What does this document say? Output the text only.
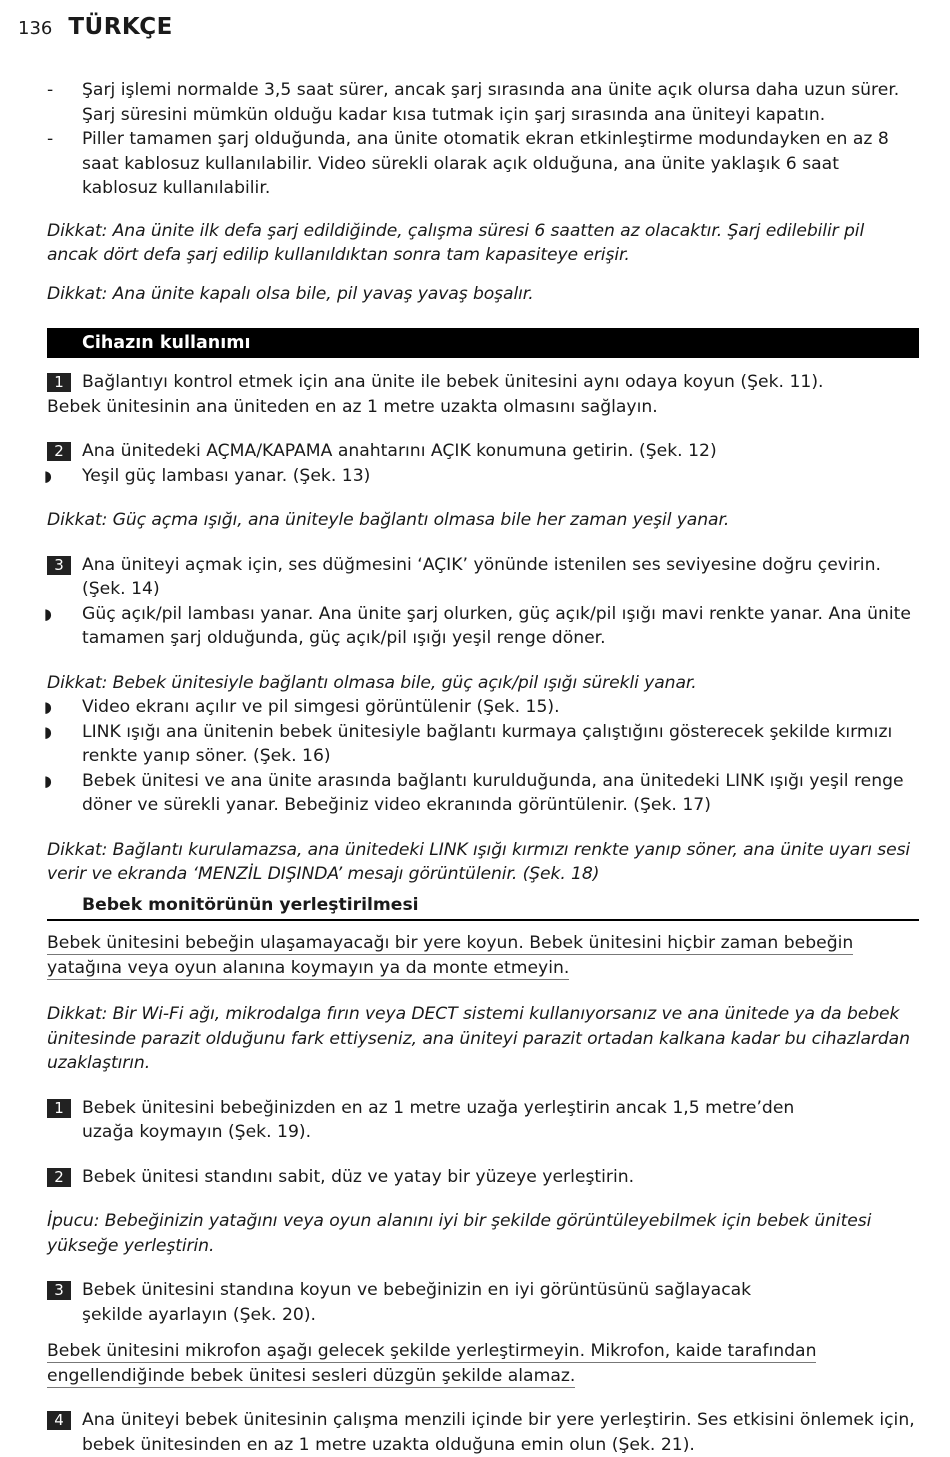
136 TÜRKÇE

- Şarj işlemi normalde 3,5 saat sürer, ancak şarj sırasında ana ünite açık olursa daha uzun sürer. Şarj süresini mümkün olduğu kadar kısa tutmak için şarj sırasında ana üniteyi kapatın.

- Piller tamamen şarj olduğunda, ana ünite otomatik ekran etkinleştirme modundayken en az 8 saat kablosuz kullanılabilir. Video sürekli olarak açık olduğuna, ana ünite yaklaşık 6 saat kablosuz kullanılabilir.

Dikkat: Ana ünite ilk defa şarj edildiğinde, çalışma süresi 6 saatten az olacaktır. Şarj edilebilir pil ancak dört defa şarj edilip kullanıldıktan sonra tam kapasiteye erişir.

Dikkat: Ana ünite kapalı olsa bile, pil yavaş yavaş boşalır.

Cihazın kullanımı

1	Bağlantıyı kontrol etmek için ana ünite ile bebek ünitesini aynı odaya koyun (Şek. 11).

Bebek ünitesinin ana üniteden en az 1 metre uzakta olmasını sağlayın.

2	Ana ünitedeki AÇMA/KAPAMA anahtarını AÇIK konumuna getirin. (Şek. 12)

◗ Yeşil güç lambası yanar. (Şek. 13)

Dikkat: Güç açma ışığı, ana üniteyle bağlantı olmasa bile her zaman yeşil yanar.

3	Ana üniteyi açmak için, ses düğmesini ‘AÇIK’ yönünde istenilen ses seviyesine doğru çevirin. (Şek. 14)

◗ Güç açık/pil lambası yanar. Ana ünite şarj olurken, güç açık/pil ışığı mavi renkte yanar. Ana ünite tamamen şarj olduğunda, güç açık/pil ışığı yeşil renge döner.

Dikkat: Bebek ünitesiyle bağlantı olmasa bile, güç açık/pil ışığı sürekli yanar.

◗ Video ekranı açılır ve pil simgesi görüntülenir (Şek. 15).

◗ LINK ışığı ana ünitenin bebek ünitesiyle bağlantı kurmaya çalıştığını gösterecek şekilde kırmızı renkte yanıp söner. (Şek. 16)

◗ Bebek ünitesi ve ana ünite arasında bağlantı kurulduğunda, ana ünitedeki LINK ışığı yeşil renge döner ve sürekli yanar. Bebeğiniz video ekranında görüntülenir. (Şek. 17)

Dikkat: Bağlantı kurulamazsa, ana ünitedeki LINK ışığı kırmızı renkte yanıp söner, ana ünite uyarı sesi verir ve ekranda ‘MENZİL DIŞINDA’ mesajı görüntülenir. (Şek. 18)

Bebek monitörünün yerleştirilmesi

Bebek ünitesini bebeğin ulaşamayacağı bir yere koyun. Bebek ünitesini hiçbir zaman bebeğin
yatağına veya oyun alanına koymayın ya da monte etmeyin.

Dikkat: Bir Wi-Fi ağı, mikrodalga fırın veya DECT sistemi kullanıyorsanız ve ana ünitede ya da bebek ünitesinde parazit olduğunu fark ettiyseniz, ana üniteyi parazit ortadan kalkana kadar bu cihazlardan uzaklaştırın.

1	Bebek ünitesini bebeğinizden en az 1 metre uzağa yerleştirin ancak 1,5 metre’den
uzağa koymayın (Şek. 19).

2	Bebek ünitesi standını sabit, düz ve yatay bir yüzeye yerleştirin.

İpucu: Bebeğinizin yatağını veya oyun alanını iyi bir şekilde görüntüleyebilmek için bebek ünitesi yükseğe yerleştirin.

3	Bebek ünitesini standına koyun ve bebeğinizin en iyi görüntüsünü sağlayacak
şekilde ayarlayın (Şek. 20).

Bebek ünitesini mikrofon aşağı gelecek şekilde yerleştirmeyin. Mikrofon, kaide tarafından
engellendiğinde bebek ünitesi sesleri düzgün şekilde alamaz.

4	Ana üniteyi bebek ünitesinin çalışma menzili içinde bir yere yerleştirin. Ses etkisini önlemek için, bebek ünitesinden en az 1 metre uzakta olduğuna emin olun (Şek. 21).
